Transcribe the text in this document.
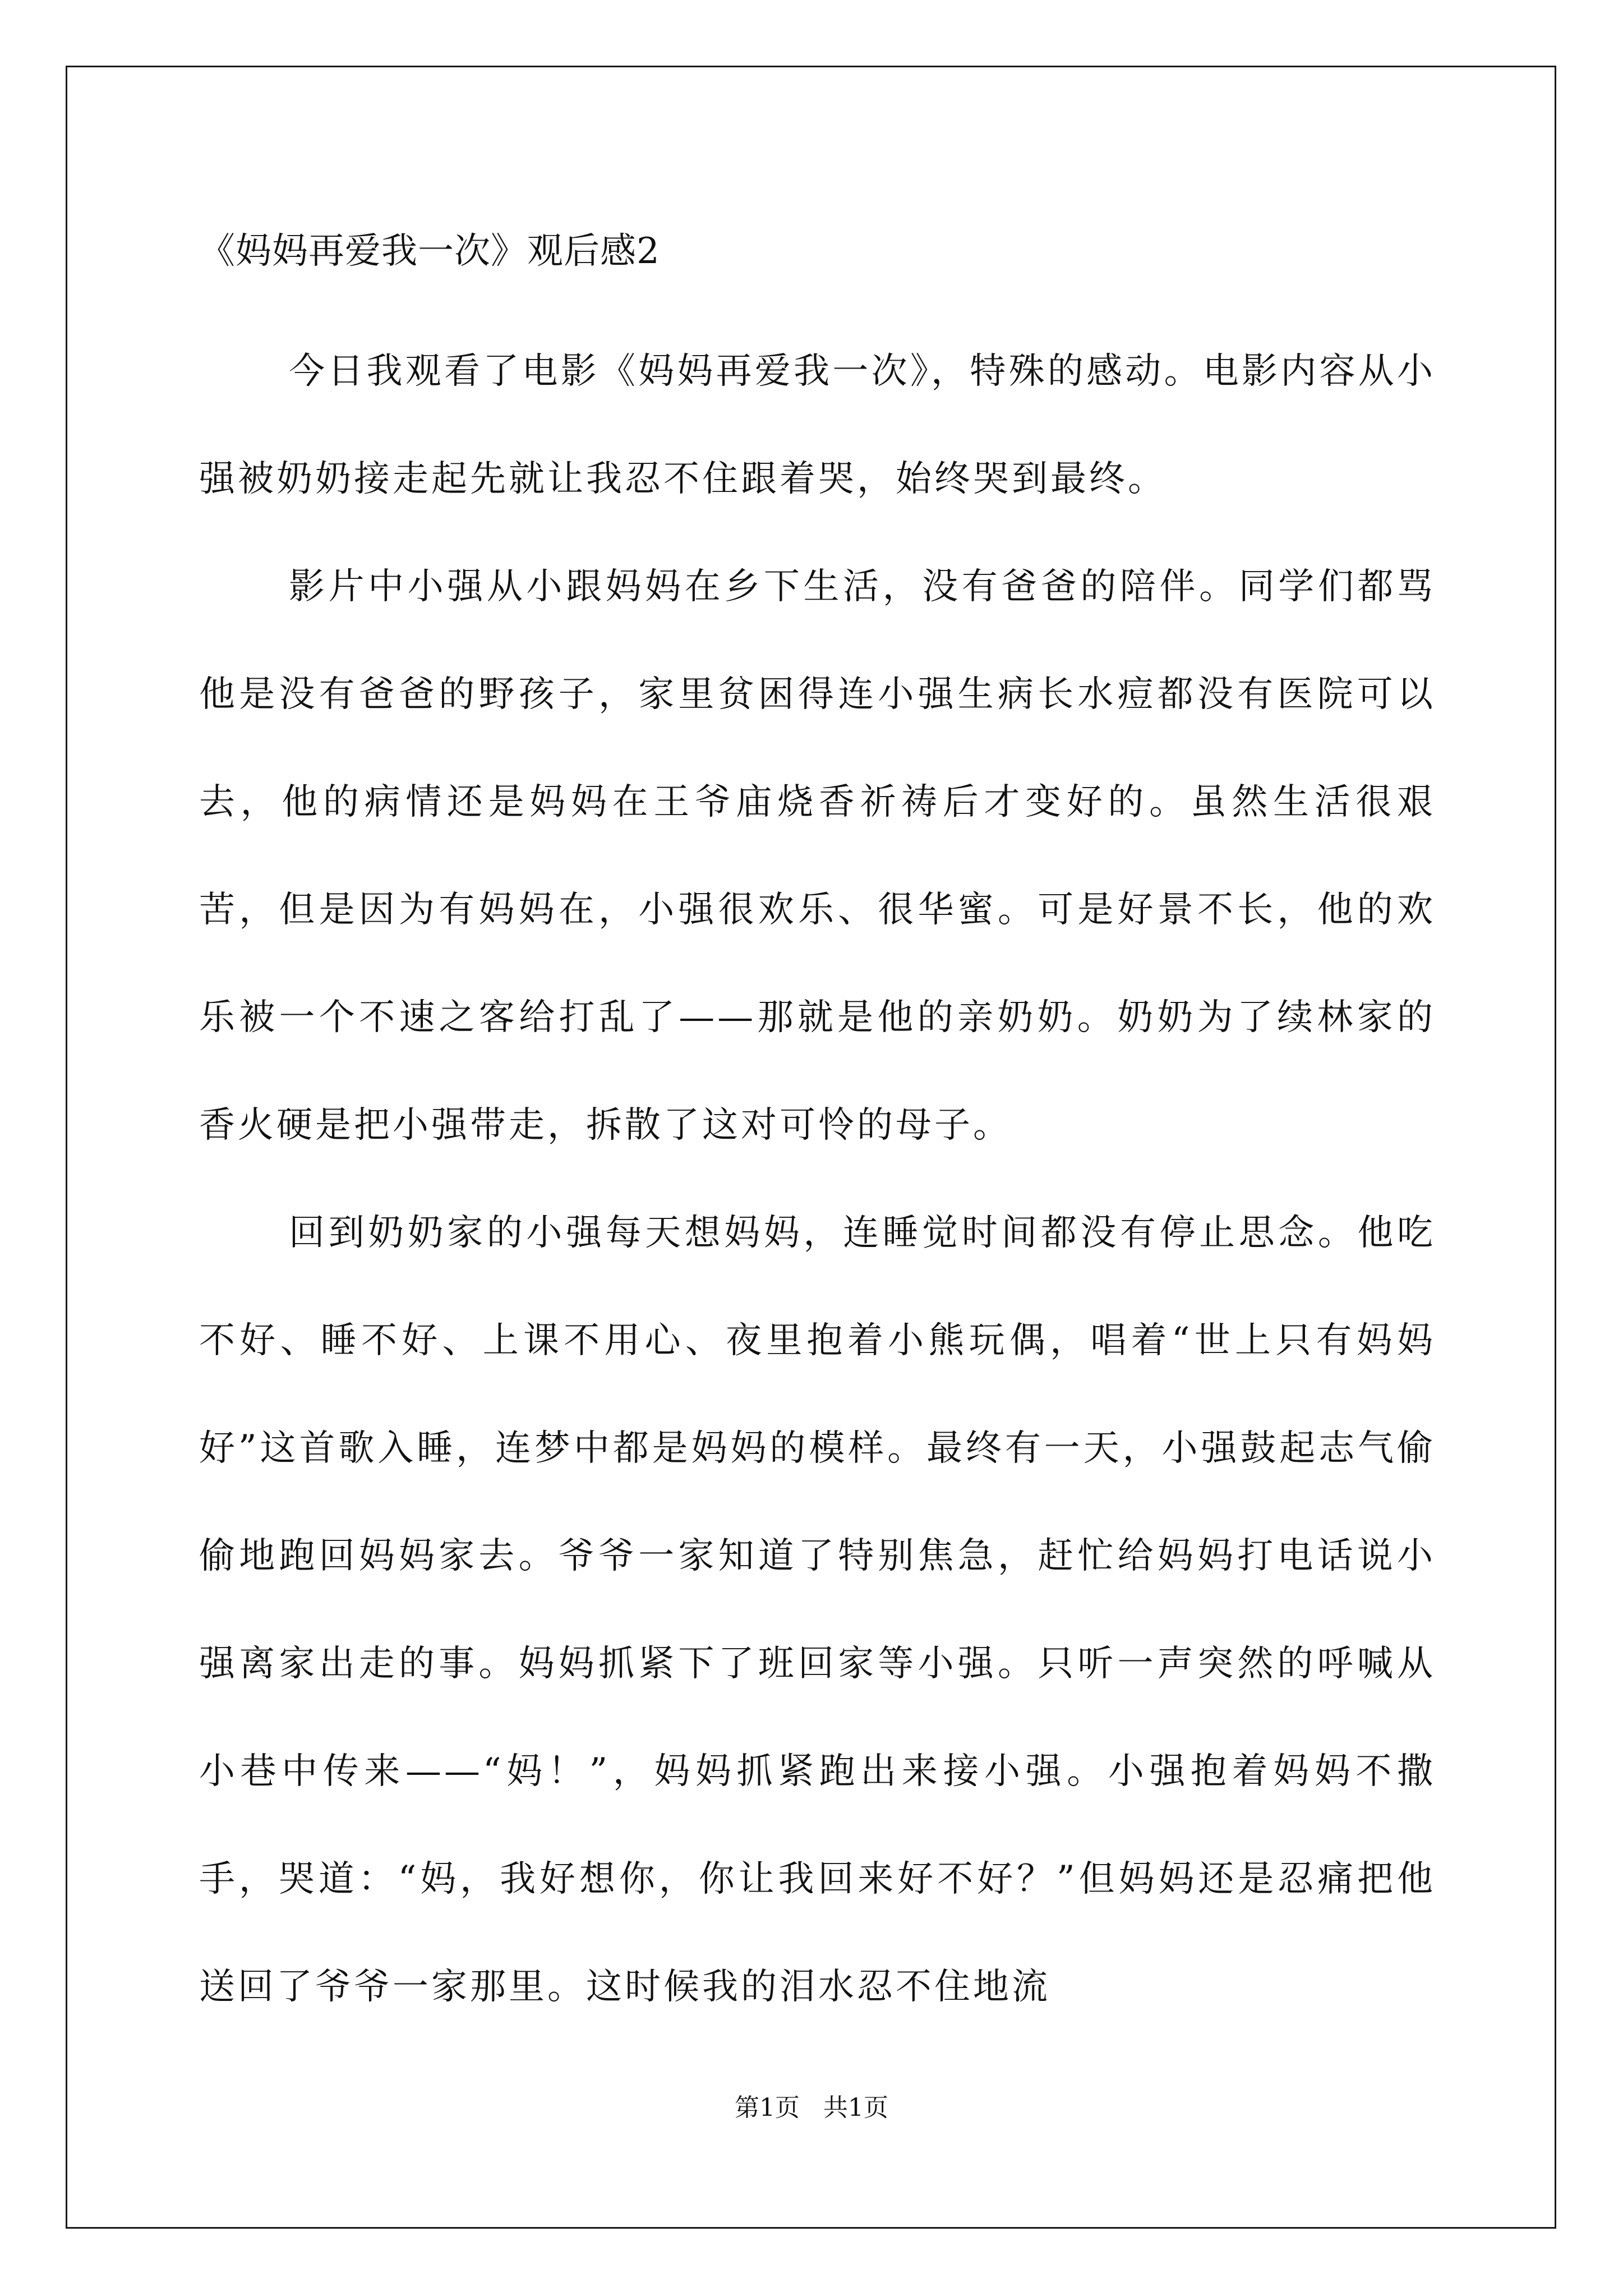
《妈妈再爱我一次》观后感2

今日我观看了电影《妈妈再爱我一次》，特殊的感动。电影内容从小强被奶奶接走起先就让我忍不住跟着哭，始终哭到最终。

影片中小强从小跟妈妈在乡下生活，没有爸爸的陪伴。同学们都骂他是没有爸爸的野孩子，家里贫困得连小强生病长水痘都没有医院可以去，他的病情还是妈妈在王爷庙烧香祈祷后才变好的。虽然生活很艰苦，但是因为有妈妈在，小强很欢乐、很华蜜。可是好景不长，他的欢乐被一个不速之客给打乱了——那就是他的亲奶奶。奶奶为了续林家的香火硬是把小强带走，拆散了这对可怜的母子。

回到奶奶家的小强每天想妈妈，连睡觉时间都没有停止思念。他吃不好、睡不好、上课不用心、夜里抱着小熊玩偶，唱着“世上只有妈妈好”这首歌入睡，连梦中都是妈妈的模样。最终有一天，小强鼓起志气偷偷地跑回妈妈家去。爷爷一家知道了特别焦急，赶忙给妈妈打电话说小强离家出走的事。妈妈抓紧下了班回家等小强。只听一声突然的呼喊从小巷中传来——“妈！”，妈妈抓紧跑出来接小强。小强抱着妈妈不撒手，哭道：“妈，我好想你，你让我回来好不好？”但妈妈还是忍痛把他送回了爷爷一家那里。这时候我的泪水忍不住地流

第1页   共1页
